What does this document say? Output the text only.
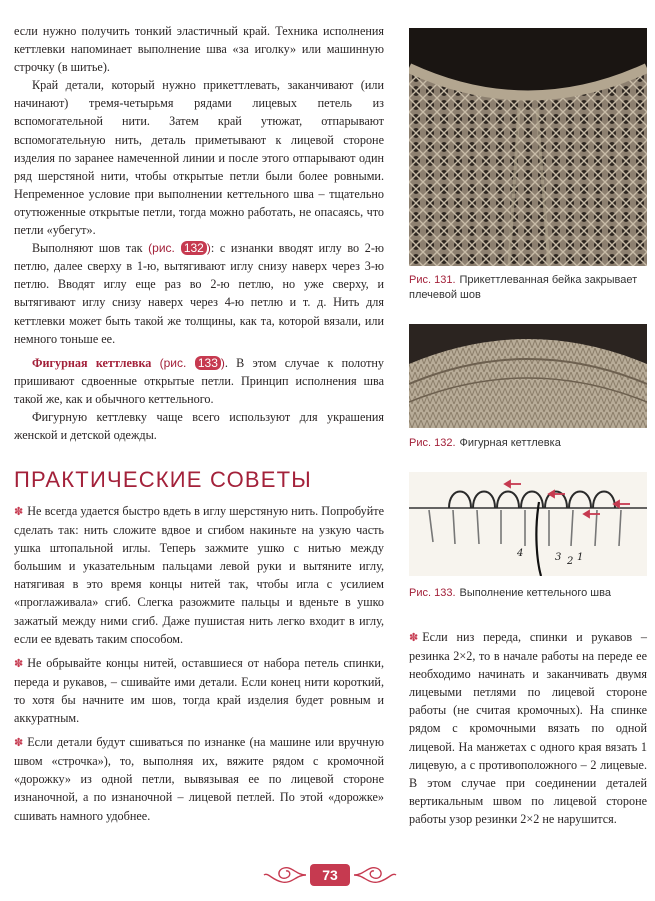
если нужно получить тонкий эластичный край. Техника исполнения кеттлевки напоминает выполнение шва «за иголку» или машинную строчку (в шитье).

Край детали, который нужно прикеттлевать, заканчивают (или начинают) тремя-четырьмя рядами лицевых петель из вспомогательной нити. Затем край утюжат, отпарывают вспомогательную нить, деталь приметывают к лицевой стороне изделия по заранее намеченной линии и после этого отпарывают один ряд шерстяной нити, чтобы открытые петли были более ровными. Непременное условие при выполнении кеттельного шва – тщательно отутюженные открытые петли, тогда можно работать, не опасаясь, что петли «убегут».

Выполняют шов так (рис. 132 ): с изнанки вводят иглу во 2-ю петлю, далее сверху в 1-ю, вытягивают иглу снизу наверх через 3-ю петлю. Вводят иглу еще раз во 2-ю петлю, но уже сверху, и вытягивают иглу снизу наверх через 4-ю петлю и т. д. Нить для кеттлевки может быть такой же толщины, как та, которой вязали, или немного тоньше ее.

Фигурная кеттлевка (рис. 133 ). В этом случае к полотну пришивают сдвоенные открытые петли. Принцип исполнения шва такой же, как и обычного кеттельного.

Фигурную кеттлевку чаще всего используют для украшения женской и детской одежды.

ПРАКТИЧЕСКИЕ СОВЕТЫ

✽ Не всегда удается быстро вдеть в иглу шерстяную нить. Попробуйте сделать так: нить сложите вдвое и сгибом накиньте на узкую часть ушка штопальной иглы. Теперь зажмите ушко с нитью между большим и указательным пальцами левой руки и вытяните иглу, натягивая в это время концы нитей так, чтобы игла с усилием «проглаживала» сгиб. Слегка разожмите пальцы и вденьте в ушко зажатый между ними сгиб. Даже пушистая нить легко входит в иглу, если ее вдевать таким способом.

✽ Не обрывайте концы нитей, оставшиеся от набора петель спинки, переда и рукавов, – сшивайте ими детали. Если конец нити короткий, то хотя бы начните им шов, тогда край изделия будет ровным и аккуратным.

✽ Если детали будут сшиваться по изнанке (на машине или вручную швом «строчка»), то, выполняя их, вяжите рядом с кромочной «дорожку» из одной петли, вывязывая ее по лицевой стороне изнаночной, а по изнаночной – лицевой петлей. По этой «дорожке» сшивать намного удобнее.

Рис. 131. Прикеттлеванная бейка закрывает плечевой шов
Рис. 132. Фигурная кеттлевка
4	3 2 1
Рис. 133. Выполнение кеттельного шва

✽ Если низ переда, спинки и рукавов – резинка 2×2, то в начале работы на переде ее необходимо начинать и заканчивать двумя лицевыми петлями по лицевой стороне работы (не считая кромочных). На спинке рядом с кромочными вязать по одной лицевой. На манжетах с одного края вязать 1 лицевую, а с противоположного – 2 лицевые. В этом случае при соединении деталей вертикальным швом по лицевой стороне работы узор резинки 2×2 не нарушится.

73
